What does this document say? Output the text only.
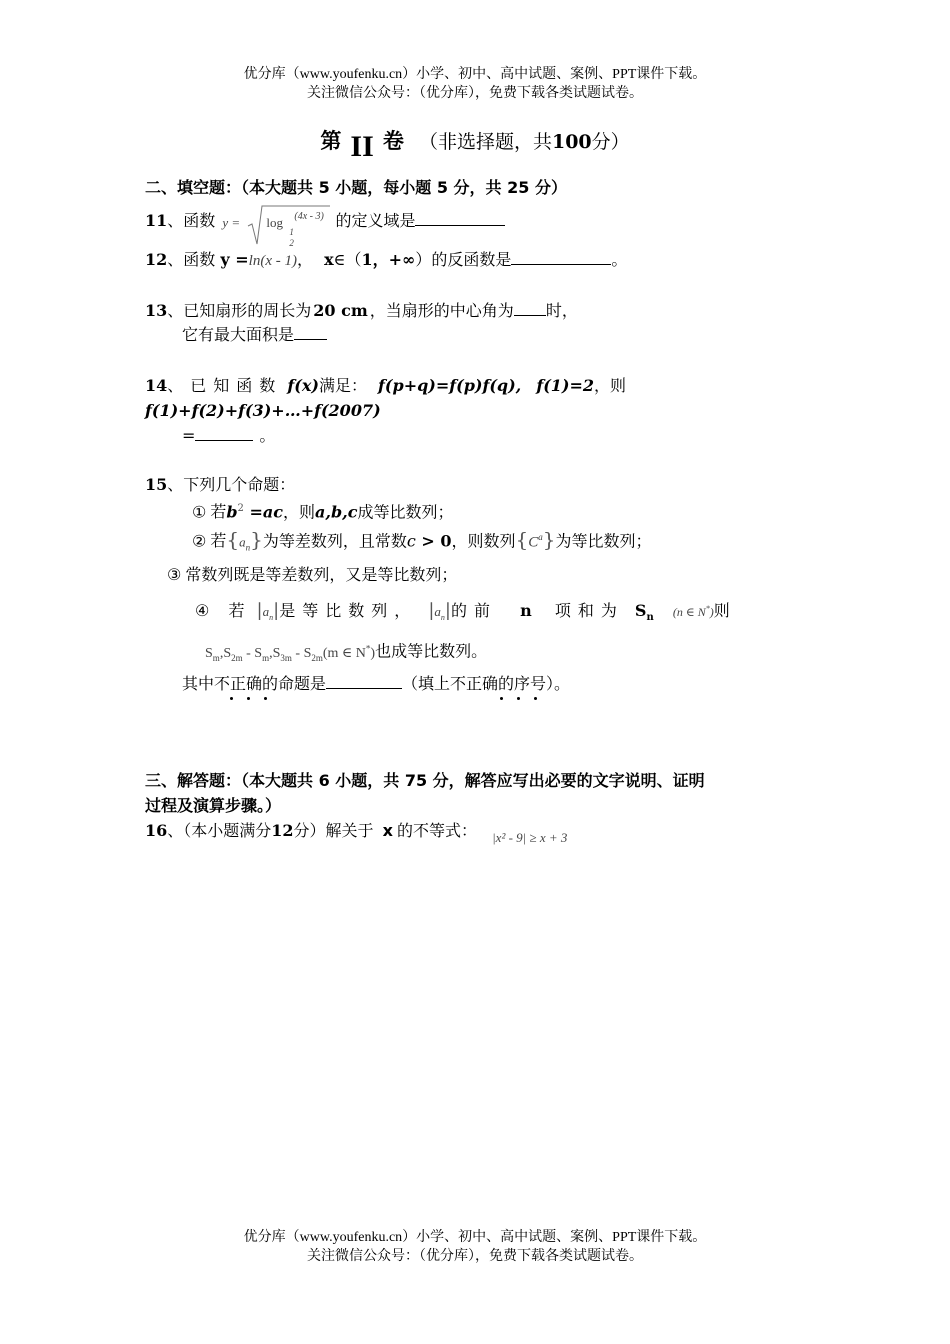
优分库（www.youfenku.cn）小学、初中、高中试题、案例、PPT课件下载。
关注微信公众号：（优分库），免费下载各类试题试卷。
第 II 卷 （非选择题，共100分）
二、填空题：（本大题共 5 小题，每小题 5 分，共 25 分）
11、函数 y = log (4x - 3)
1
2
的定义域是
12、函数 y =ln(x - 1)， x∈（1，+∞）的反函数是	。
13、已知扇形的周长为 20 cm ，当扇形的中心角为 时，
它有最大面积是
14、已知函数 f(x)满足： f(p+q)=f(p)f(q), f(1)=2，则
f(1)+f(2)+f(3)+…+f(2007)
=	。
15、下列几个命题：
① 若$b^2 =ac$，则a,b,c成等比数列；
② 若$\{a_n\}$为等差数列，且常数c > 0，则数列$\{C^a\}$为等比数列；
③ 常数列既是等差数列，又是等比数列；
④ 若 $|a_n|$是等比数列， $|a_n|$的前 n 项和为 $S_n$ (n ∈ N*)则
$S_m,S_{2m} - S_m,S_{3m} - S_{2m}(m$ ∈ N*)也成等比数列。
其中不正确的命题是	（填上不正确的序号）。
三、解答题：（本大题共 6 小题，共 75 分，解答应写出必要的文字说明、证明
过程及演算步骤。）
16、（本小题满分12分）解关于 x 的不等式： $_{|x^2 - 9| \ge x + 3}$
优分库（www.youfenku.cn）小学、初中、高中试题、案例、PPT课件下载。
关注微信公众号：（优分库），免费下载各类试题试卷。
